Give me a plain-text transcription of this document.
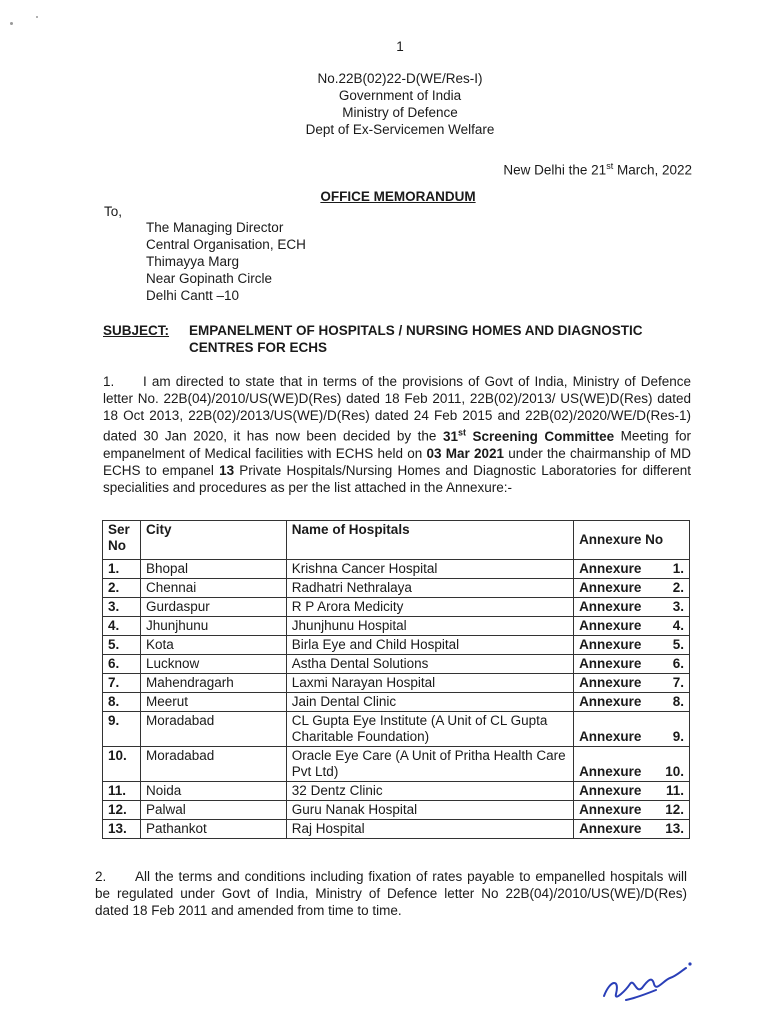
1
No.22B(02)22-D(WE/Res-I)
Government of India
Ministry of Defence
Dept of Ex-Servicemen Welfare
New Delhi the 21st March, 2022
OFFICE MEMORANDUM
To,
The Managing Director
Central Organisation, ECH
Thimayya Marg
Near Gopinath Circle
Delhi Cantt –10
SUBJECT: EMPANELMENT OF HOSPITALS / NURSING HOMES AND DIAGNOSTIC CENTRES FOR ECHS
1. I am directed to state that in terms of the provisions of Govt of India, Ministry of Defence letter No. 22B(04)/2010/US(WE)D(Res) dated 18 Feb 2011, 22B(02)/2013/ US(WE)D(Res) dated 18 Oct 2013, 22B(02)/2013/US(WE)/D(Res) dated 24 Feb 2015 and 22B(02)/2020/WE/D(Res-1) dated 30 Jan 2020, it has now been decided by the 31st Screening Committee Meeting for empanelment of Medical facilities with ECHS held on 03 Mar 2021 under the chairmanship of MD ECHS to empanel 13 Private Hospitals/Nursing Homes and Diagnostic Laboratories for different specialities and procedures as per the list attached in the Annexure:-
Ser No	City	Name of Hospitals	Annexure No
1.	Bhopal	Krishna Cancer Hospital	Annexure 1.

2.	Chennai	Radhatri Nethralaya	Annexure 2.

3.	Gurdaspur	R P Arora Medicity	Annexure 3.

4.	Jhunjhunu	Jhunjhunu Hospital	Annexure 4.

5.	Kota	Birla Eye and Child Hospital	Annexure 5.

6.	Lucknow	Astha Dental Solutions	Annexure 6.

7.	Mahendragarh	Laxmi Narayan Hospital	Annexure 7.

8.	Meerut	Jain Dental Clinic	Annexure 8.

9.	Moradabad	CL Gupta Eye Institute (A Unit of CL Gupta Charitable Foundation)	Annexure 9.

10.	Moradabad	Oracle Eye Care (A Unit of Pritha Health Care Pvt Ltd)	Annexure 10.

11.	Noida	32 Dentz Clinic	Annexure 11.

12.	Palwal	Guru Nanak Hospital	Annexure 12.

13.	Pathankot	Raj Hospital	Annexure 13.
2. All the terms and conditions including fixation of rates payable to empanelled hospitals will be regulated under Govt of India, Ministry of Defence letter No 22B(04)/2010/US(WE)/D(Res) dated 18 Feb 2011 and amended from time to time.
